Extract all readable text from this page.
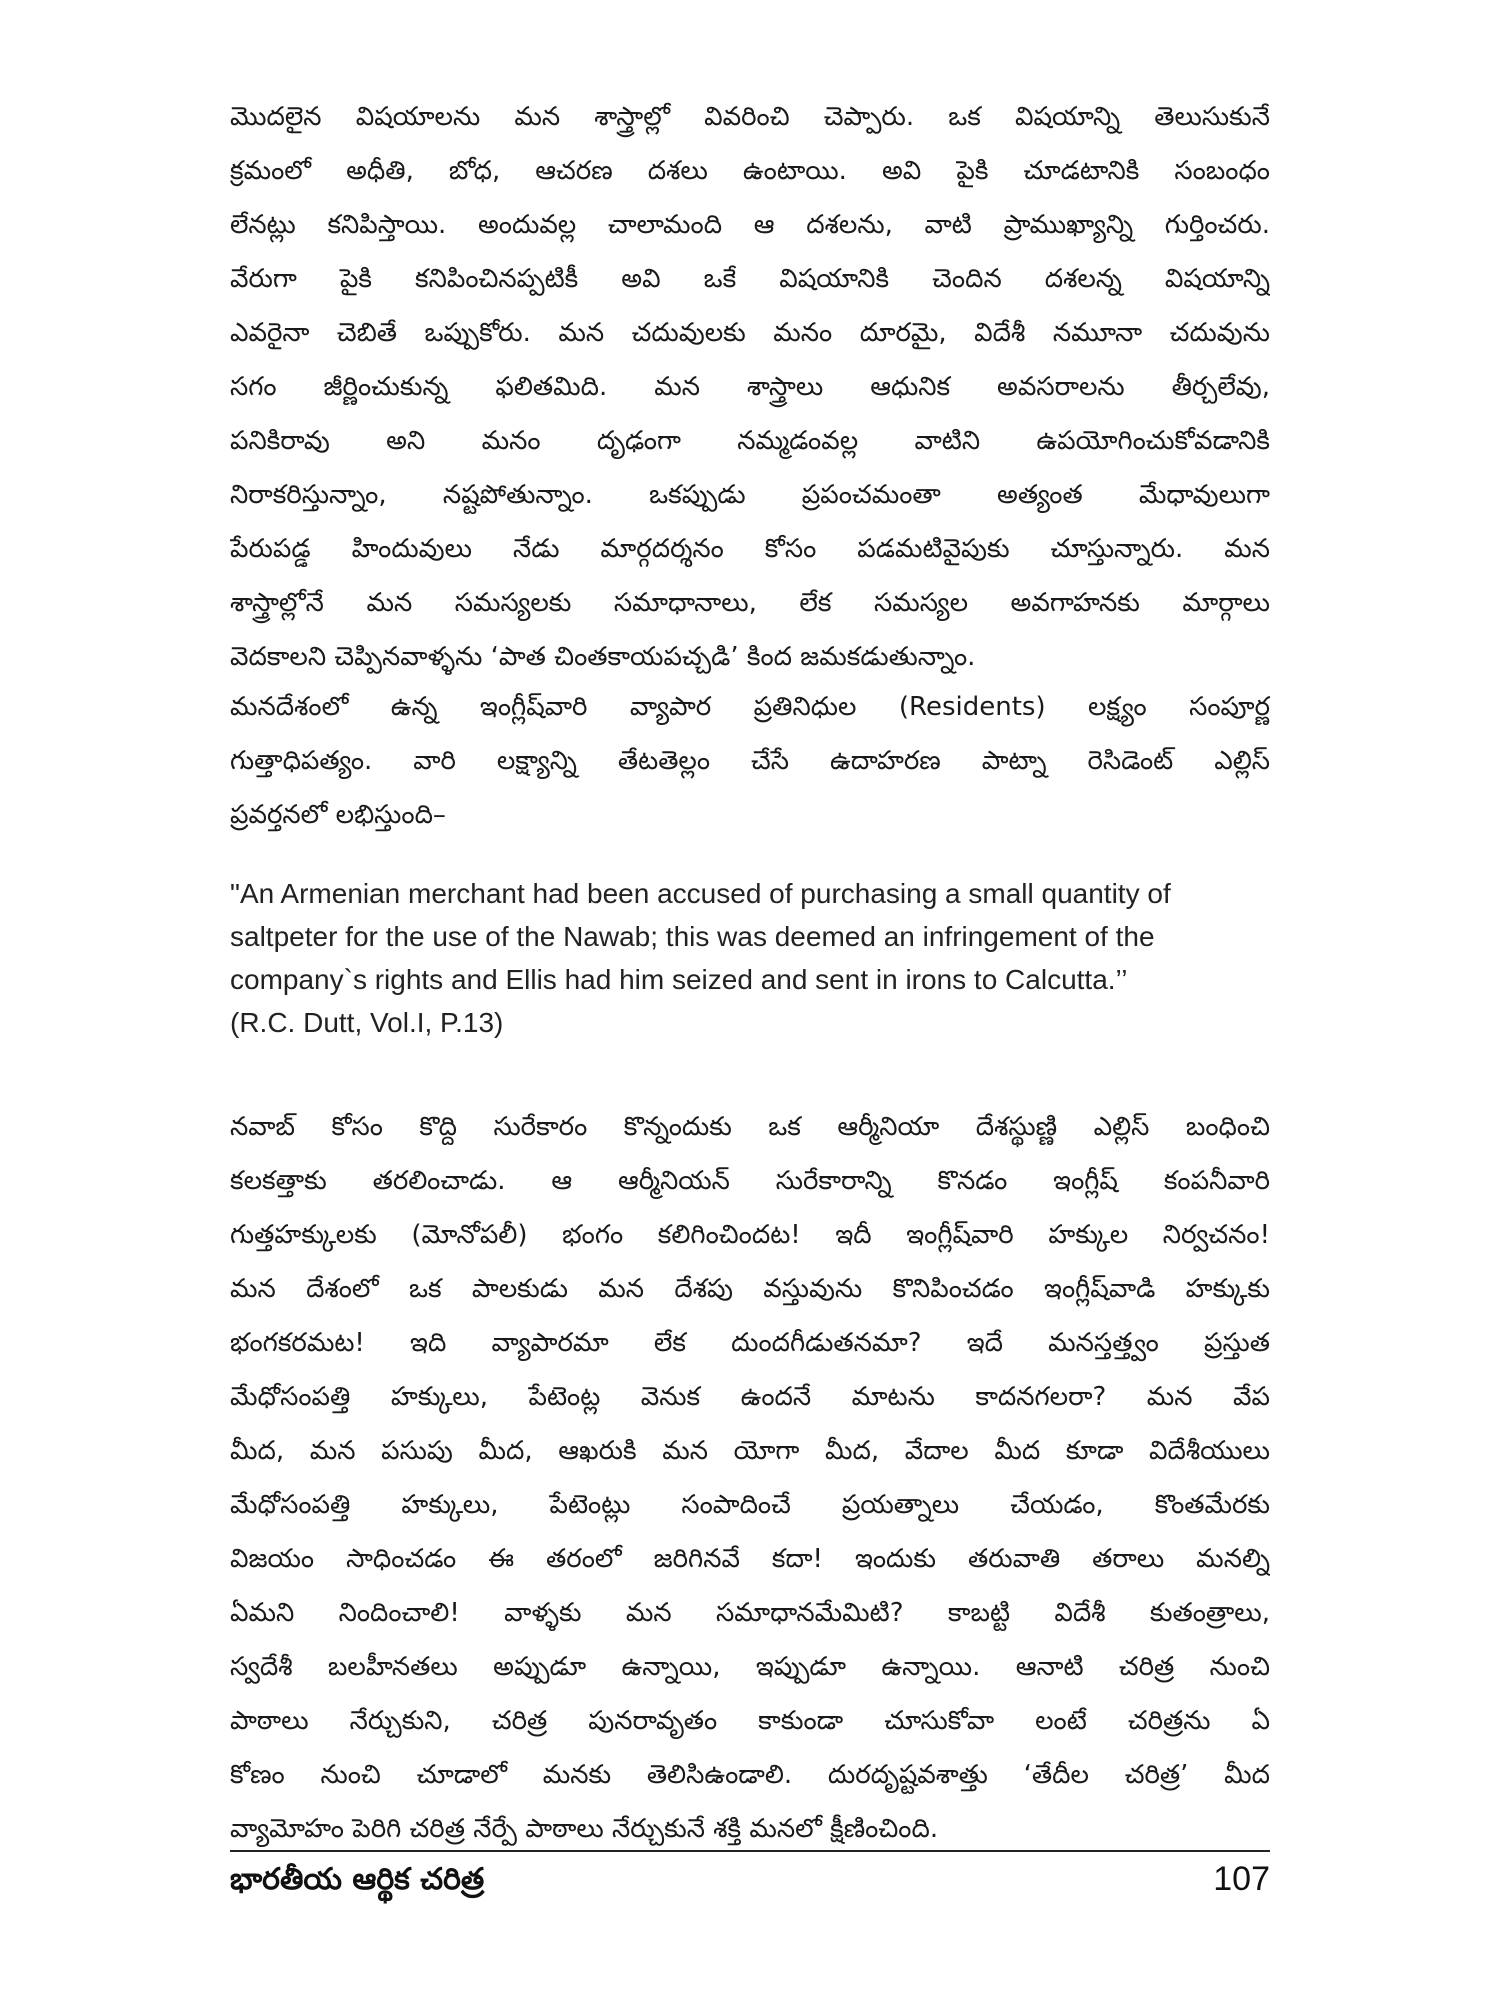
మొదలైన విషయాలను మన శాస్త్రాల్లో వివరించి చెప్పారు. ఒక విషయాన్ని తెలుసుకునే
క్రమంలో అధీతి, బోధ, ఆచరణ దశలు ఉంటాయి. అవి పైకి చూడటానికి సంబంధం
లేనట్లు కనిపిస్తాయి. అందువల్ల చాలామంది ఆ దశలను, వాటి ప్రాముఖ్యాన్ని గుర్తించరు.
వేరుగా పైకి కనిపించినప్పటికీ అవి ఒకే విషయానికి చెందిన దశలన్న విషయాన్ని
ఎవరైనా చెబితే ఒప్పుకోరు. మన చదువులకు మనం దూరమై, విదేశీ నమూనా చదువును
సగం జీర్ణించుకున్న ఫలితమిది. మన శాస్త్రాలు ఆధునిక అవసరాలను తీర్చలేవు,
పనికిరావు అని మనం దృఢంగా నమ్మడంవల్ల వాటిని ఉపయోగించుకోవడానికి
నిరాకరిస్తున్నాం, నష్టపోతున్నాం. ఒకప్పుడు ప్రపంచమంతా అత్యంత మేధావులుగా
పేరుపడ్డ హిందువులు నేడు మార్గదర్శనం కోసం పడమటివైపుకు చూస్తున్నారు. మన
శాస్త్రాల్లోనే మన సమస్యలకు సమాధానాలు, లేక సమస్యల అవగాహనకు మార్గాలు
వెదకాలని చెప్పినవాళ్ళను ‘పాత చింతకాయపచ్చడి’ కింద జమకడుతున్నాం.
మనదేశంలో ఉన్న ఇంగ్లీష్‌వారి వ్యాపార ప్రతినిధుల (Residents) లక్ష్యం సంపూర్ణ
గుత్తాధిపత్యం. వారి లక్ష్యాన్ని తేటతెల్లం చేసే ఉదాహరణ పాట్నా రెసిడెంట్ ఎల్లిస్
ప్రవర్తనలో లభిస్తుంది–
"An Armenian merchant had been accused of purchasing a small quantity of
saltpeter for the use of the Nawab; this was deemed an infringement of the
company`s rights and Ellis had him seized and sent in irons to Calcutta.’’
(R.C. Dutt, Vol.I, P.13)
నవాబ్ కోసం కొద్ది సురేకారం కొన్నందుకు ఒక ఆర్మీనియా దేశస్థుణ్ణి ఎల్లిస్ బంధించి
కలకత్తాకు తరలించాడు. ఆ ఆర్మీనియన్ సురేకారాన్ని కొనడం ఇంగ్లీష్ కంపనీవారి
గుత్తహక్కులకు (మోనోపలీ) భంగం కలిగించిందట! ఇదీ ఇంగ్లీష్‌వారి హక్కుల నిర్వచనం!
మన దేశంలో ఒక పాలకుడు మన దేశపు వస్తువును కొనిపించడం ఇంగ్లీష్‌వాడి హక్కుకు
భంగకరమట! ఇది వ్యాపారమా లేక దుందగీడుతనమా? ఇదే మనస్తత్త్వం ప్రస్తుత
మేధోసంపత్తి హక్కులు, పేటెంట్ల వెనుక ఉందనే మాటను కాదనగలరా? మన వేప
మీద, మన పసుపు మీద, ఆఖరుకి మన యోగా మీద, వేదాల మీద కూడా విదేశీయులు
మేధోసంపత్తి హక్కులు, పేటెంట్లు సంపాదించే ప్రయత్నాలు చేయడం, కొంతమేరకు
విజయం సాధించడం ఈ తరంలో జరిగినవే కదా! ఇందుకు తరువాతి తరాలు మనల్ని
ఏమని నిందించాలి! వాళ్ళకు మన సమాధానమేమిటి? కాబట్టి విదేశీ కుతంత్రాలు,
స్వదేశీ బలహీనతలు అప్పుడూ ఉన్నాయి, ఇప్పుడూ ఉన్నాయి. ఆనాటి చరిత్ర నుంచి
పాఠాలు నేర్చుకుని, చరిత్ర పునరావృతం కాకుండా చూసుకోవా లంటే చరిత్రను ఏ
కోణం నుంచి చూడాలో మనకు తెలిసిఉండాలి. దురదృష్టవశాత్తు ‘తేదీల చరిత్ర’ మీద
వ్యామోహం పెరిగి చరిత్ర నేర్పే పాఠాలు నేర్చుకునే శక్తి మనలో క్షీణించింది.
భారతీయ ఆర్థిక చరిత్ర	107
